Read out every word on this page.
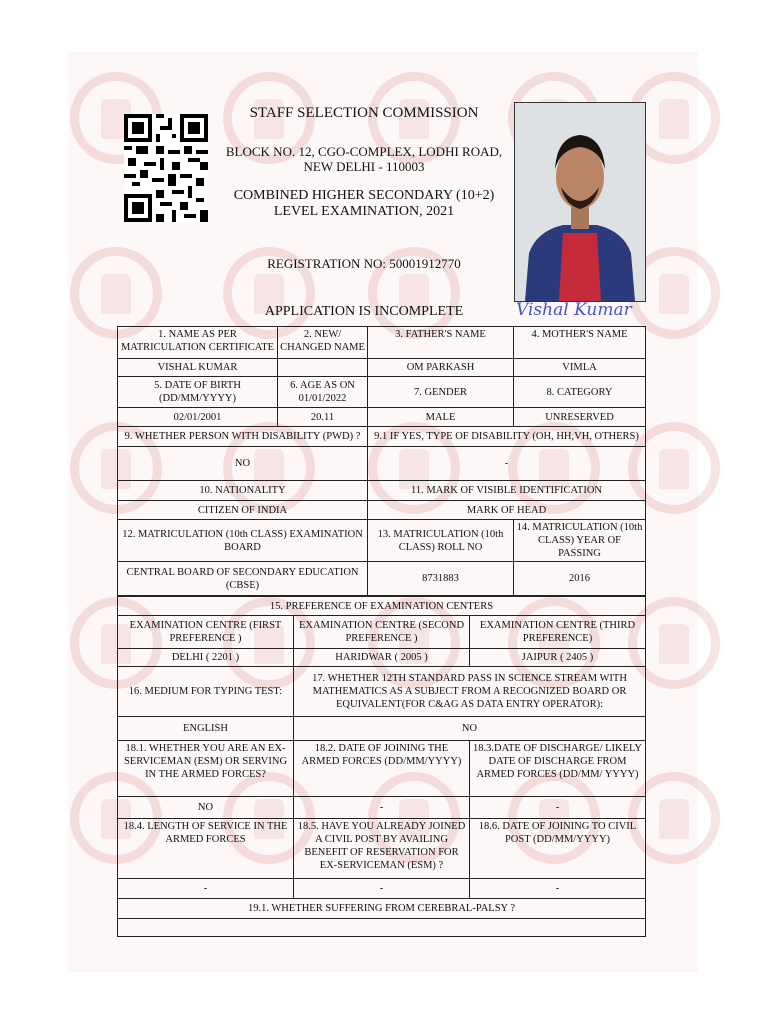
STAFF SELECTION COMMISSION
BLOCK NO. 12, CGO-COMPLEX, LODHI ROAD, NEW DELHI - 110003
COMBINED HIGHER SECONDARY (10+2) LEVEL EXAMINATION, 2021
REGISTRATION NO: 50001912770
APPLICATION IS INCOMPLETE	Vishal Kumar
1. NAME AS PER MATRICULATION CERTIFICATE	2. NEW/ CHANGED NAME	3. FATHER'S NAME	4. MOTHER'S NAME
VISHAL KUMAR		OM PARKASH	VIMLA
5. DATE OF BIRTH (DD/MM/YYYY)	6. AGE AS ON 01/01/2022	7. GENDER	8. CATEGORY
02/01/2001	20.11	MALE	UNRESERVED
9. WHETHER PERSON WITH DISABILITY (PWD) ?		9.1 IF YES, TYPE OF DISABILITY (OH, HH,VH, OTHERS)	
NO		-	
10. NATIONALITY		11. MARK OF VISIBLE IDENTIFICATION	
CITIZEN OF INDIA		MARK OF HEAD	
12. MATRICULATION (10th CLASS) EXAMINATION BOARD		13. MATRICULATION (10th CLASS) ROLL NO	14. MATRICULATION (10th CLASS) YEAR OF PASSING
CENTRAL BOARD OF SECONDARY EDUCATION (CBSE)		8731883	2016
15. PREFERENCE OF EXAMINATION CENTERS		
EXAMINATION CENTRE (FIRST PREFERENCE )	EXAMINATION CENTRE (SECOND PREFERENCE )	EXAMINATION CENTRE (THIRD PREFERENCE)
DELHI ( 2201 )	HARIDWAR ( 2005 )	JAIPUR ( 2405 )
16. MEDIUM FOR TYPING TEST:	17. WHETHER 12TH STANDARD PASS IN SCIENCE STREAM WITH MATHEMATICS AS A SUBJECT FROM A RECOGNIZED BOARD OR EQUIVALENT(FOR C&AG AS DATA ENTRY OPERATOR):	
ENGLISH	NO	
18.1. WHETHER YOU ARE AN EX-SERVICEMAN (ESM) OR SERVING IN THE ARMED FORCES?	18.2. DATE OF JOINING THE ARMED FORCES (DD/MM/YYYY)	18.3.DATE OF DISCHARGE/ LIKELY DATE OF DISCHARGE FROM ARMED FORCES (DD/MM/ YYYY)
NO	-	-
18.4. LENGTH OF SERVICE IN THE ARMED FORCES	18.5. HAVE YOU ALREADY JOINED A CIVIL POST BY AVAILING BENEFIT OF RESERVATION FOR EX-SERVICEMAN (ESM) ?	18.6. DATE OF JOINING TO CIVIL POST (DD/MM/YYYY)
-	-	-
19.1. WHETHER SUFFERING FROM CEREBRAL-PALSY ?		
